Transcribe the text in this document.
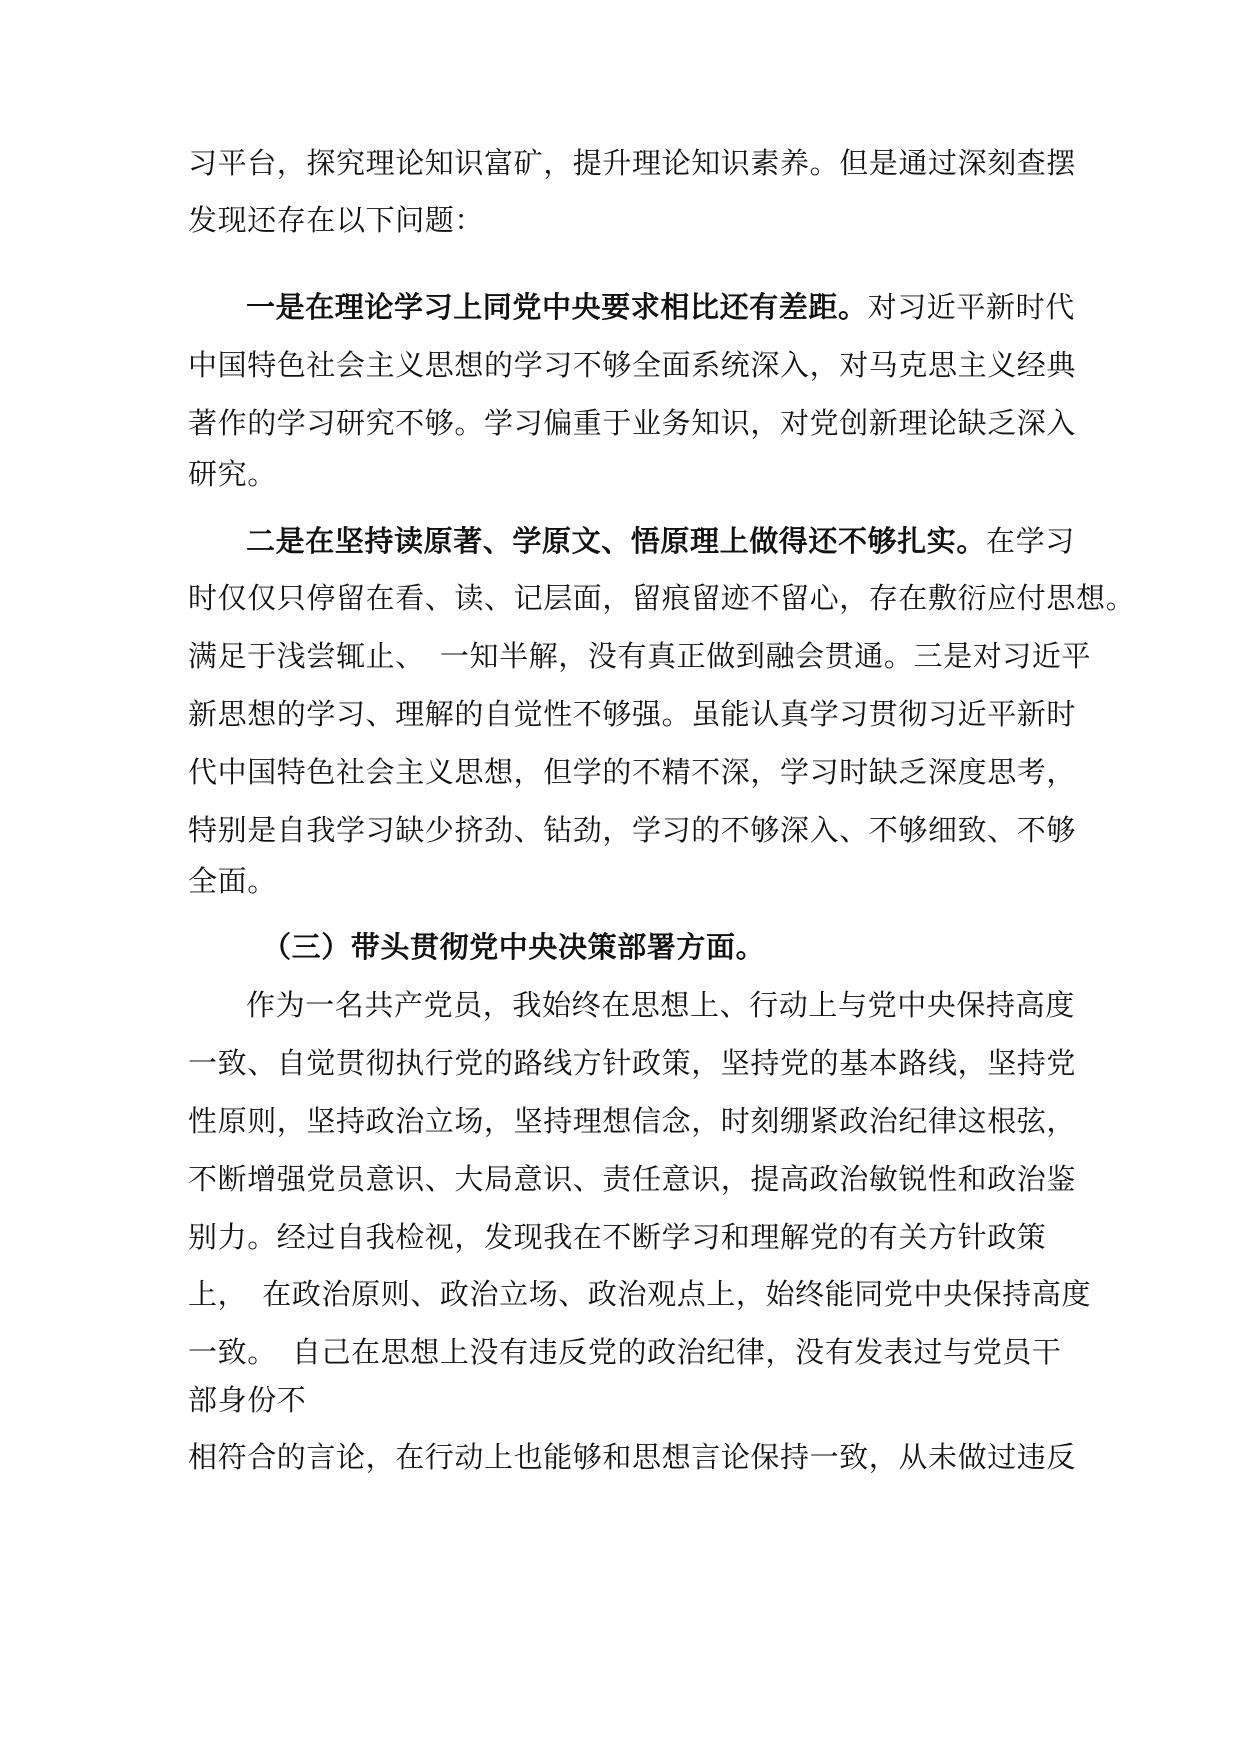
习平台，探究理论知识富矿，提升理论知识素养。但是通过深刻查摆
发现还存在以下问题：
一是在理论学习上同党中央要求相比还有差距。对习近平新时代
中国特色社会主义思想的学习不够全面系统深入，对马克思主义经典
著作的学习研究不够。学习偏重于业务知识，对党创新理论缺乏深入
研究。
二是在坚持读原著、学原文、悟原理上做得还不够扎实。在学习
时仅仅只停留在看、读、记层面，留痕留迹不留心，存在敷衍应付思想。
满足于浅尝辄止、　一知半解，没有真正做到融会贯通。三是对习近平
新思想的学习、理解的自觉性不够强。虽能认真学习贯彻习近平新时
代中国特色社会主义思想，但学的不精不深，学习时缺乏深度思考，
特别是自我学习缺少挤劲、钻劲，学习的不够深入、不够细致、不够
全面。
（三）带头贯彻党中央决策部署方面。
作为一名共产党员，我始终在思想上、行动上与党中央保持高度
一致、自觉贯彻执行党的路线方针政策，坚持党的基本路线，坚持党
性原则，坚持政治立场，坚持理想信念，时刻绷紧政治纪律这根弦，
不断增强党员意识、大局意识、责任意识，提高政治敏锐性和政治鉴
别力。经过自我检视，发现我在不断学习和理解党的有关方针政策
上，　在政治原则、政治立场、政治观点上，始终能同党中央保持高度
一致。　自己在思想上没有违反党的政治纪律，没有发表过与党员干
部身份不
相符合的言论，在行动上也能够和思想言论保持一致，从未做过违反
